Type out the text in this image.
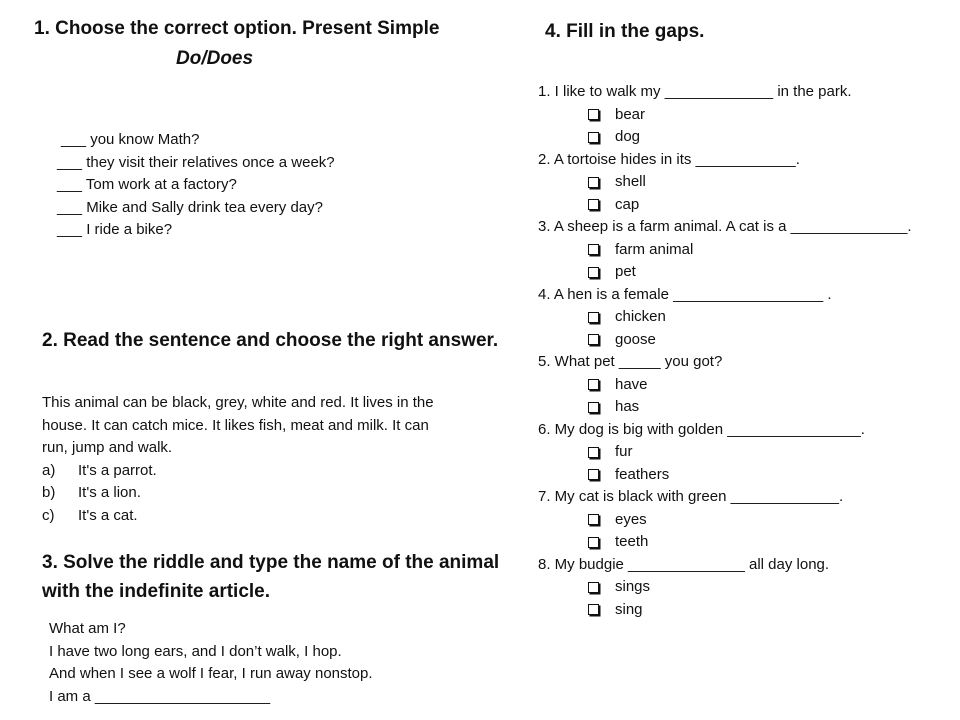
1. Choose the correct option. Present Simple
Do/Does
___ you know Math?
___ they visit their relatives once a week?
___ Tom work at a factory?
___ Mike and Sally drink tea every day?
___ I ride a bike?
2. Read the sentence and choose the right answer.
This animal can be black, grey, white and red. It lives in the
house. It can catch mice. It likes fish, meat and milk. It can
run, jump and walk.
a)	It's a parrot.
b)	It's a lion.
c)	It's a cat.
3. Solve the riddle and type the name of the animal with the indefinite article.
What am I?
I have two long ears, and I don’t walk, I hop.
And when I see a wolf I fear, I run away nonstop.
I am a _____________________
4. Fill in the gaps.
1. I like to walk my _____________ in the park.
bear
dog
2. A tortoise hides in its ____________.
shell
cap
3. A sheep is a farm animal. A cat is a ______________.
farm animal
pet
4. A hen is a female __________________ .
chicken
goose
5. What pet _____ you got?
have
has
6. My dog is big with golden ________________.
fur
feathers
7. My cat is black with green _____________.
eyes
teeth
8. My budgie ______________ all day long.
sings
sing
